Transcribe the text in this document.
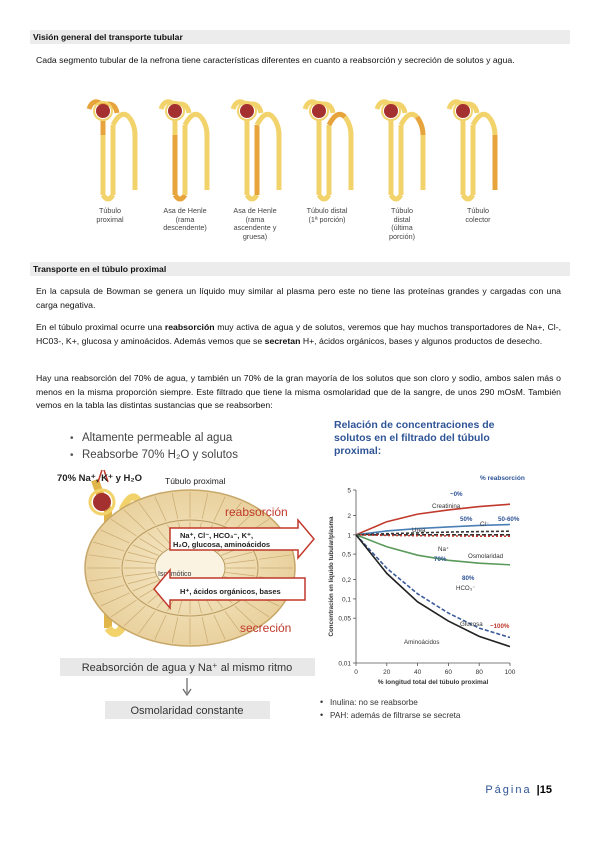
Visión general del transporte tubular
Cada segmento tubular de la nefrona tiene características diferentes en cuanto a reabsorción y secreción de solutos y agua.
Túbulo
proximal
Asa de Henle
(rama
descendente)
Asa de Henle
(rama
ascendente y
gruesa)
Túbulo distal
(1ª porción)
Túbulo
distal
(última
porción)
Túbulo
colector
Transporte en el túbulo proximal
En la capsula de Bowman se genera un líquido muy similar al plasma pero este no tiene las proteínas grandes y cargadas con una carga negativa.
En el túbulo proximal ocurre una reabsorción muy activa de agua y de solutos, veremos que hay muchos transportadores de Na+, Cl-, HC03-, K+, glucosa y aminoácidos. Además vemos que se secretan H+, ácidos orgánicos, bases y algunos productos de desecho.
Hay una reabsorción del 70% de agua, y también un 70% de la gran mayoría de los solutos que son cloro y sodio, ambos salen más o menos en la misma proporción siempre. Este filtrado que tiene la misma osmolaridad que de la sangre, de unos 290 mOsM. También vemos en la tabla las distintas sustancias que se reabsorben:
• Altamente permeable al agua
• Reabsorbe 70% H₂O y solutos
70% Na⁺, K⁺ y H₂O	Túbulo proximal
reabsorción
Na⁺, Cl⁻, HCO₃⁻, K⁺,
H₂O, glucosa, aminoácidos
Isosmótico
H⁺, ácidos orgánicos, bases
secreción
Reabsorción de agua y Na⁺ al mismo ritmo
Osmolaridad constante
Relación de concentraciones de
solutos en el filtrado del túbulo
proximal:
% reabsorción
5
2
1
0,5
0,2
0,1
0,05
0,01
0	20	40	60	80	100
% longitud total del túbulo proximal
Concentración en líquido tubular/plasma
Creatinina
Urea
Cl⁻
Osmolaridad
Na⁺
HCO₃⁻
Glucosa
Aminoácidos
~0%
50%	50-60%
70%
80%
~100%
• Inulina: no se reabsorbe
• PAH: además de filtrarse se secreta
Página |15
